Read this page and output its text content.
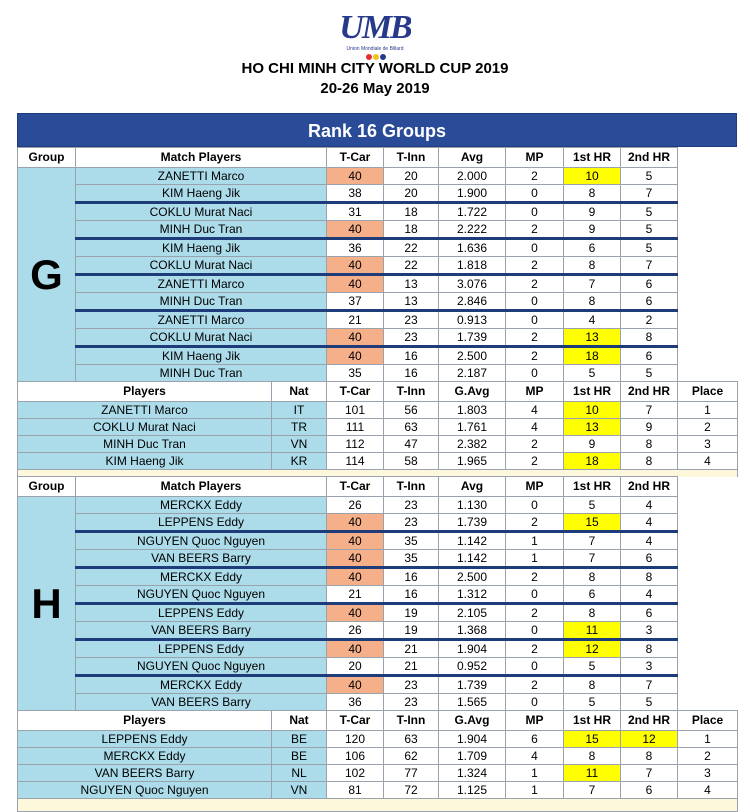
UMB
Union Mondiale de Billard
HO CHI MINH CITY WORLD CUP 2019
20-26 May 2019
Rank 16 Groups
Group	Match Players		T-Car	T-Inn	Avg	MP	1st HR	2nd HR	
G	ZANETTI Marco		40	20	2.000	2	10	5	
	KIM Haeng Jik		38	20	1.900	0	8	7	
	COKLU Murat Naci		31	18	1.722	0	9	5	
	MINH Duc Tran		40	18	2.222	2	9	5	
	KIM Haeng Jik		36	22	1.636	0	6	5	
	COKLU Murat Naci		40	22	1.818	2	8	7	
	ZANETTI Marco		40	13	3.076	2	7	6	
	MINH Duc Tran		37	13	2.846	0	8	6	
	ZANETTI Marco		21	23	0.913	0	4	2	
	COKLU Murat Naci		40	23	1.739	2	13	8	
	KIM Haeng Jik		40	16	2.500	2	18	6	
	MINH Duc Tran		35	16	2.187	0	5	5	
Players		Nat	T-Car	T-Inn	G.Avg	MP	1st HR	2nd HR	Place
ZANETTI Marco		IT	101	56	1.803	4	10	7	1
COKLU Murat Naci		TR	111	63	1.761	4	13	9	2
MINH Duc Tran		VN	112	47	2.382	2	9	8	3
KIM Haeng Jik		KR	114	58	1.965	2	18	8	4

Group	Match Players		T-Car	T-Inn	Avg	MP	1st HR	2nd HR	
H	MERCKX Eddy		26	23	1.130	0	5	4	
	LEPPENS Eddy		40	23	1.739	2	15	4	
	NGUYEN Quoc Nguyen		40	35	1.142	1	7	4	
	VAN BEERS Barry		40	35	1.142	1	7	6	
	MERCKX Eddy		40	16	2.500	2	8	8	
	NGUYEN Quoc Nguyen		21	16	1.312	0	6	4	
	LEPPENS Eddy		40	19	2.105	2	8	6	
	VAN BEERS Barry		26	19	1.368	0	11	3	
	LEPPENS Eddy		40	21	1.904	2	12	8	
	NGUYEN Quoc Nguyen		20	21	0.952	0	5	3	
	MERCKX Eddy		40	23	1.739	2	8	7	
	VAN BEERS Barry		36	23	1.565	0	5	5	
Players		Nat	T-Car	T-Inn	G.Avg	MP	1st HR	2nd HR	Place
LEPPENS Eddy		BE	120	63	1.904	6	15	12	1
MERCKX Eddy		BE	106	62	1.709	4	8	8	2
VAN BEERS Barry		NL	102	77	1.324	1	11	7	3
NGUYEN Quoc Nguyen		VN	81	72	1.125	1	7	6	4
